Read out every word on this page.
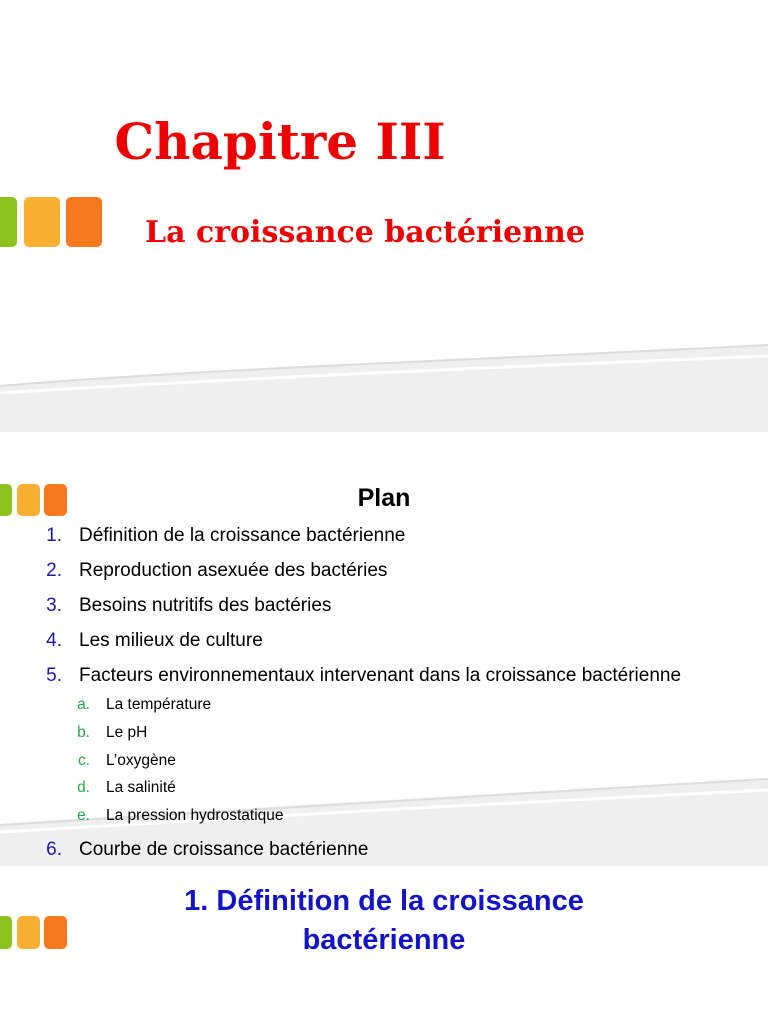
Chapitre III
La croissance bactérienne
Plan
1. Définition de la croissance bactérienne
2. Reproduction asexuée des bactéries
3. Besoins nutritifs des bactéries
4. Les milieux de culture
5. Facteurs environnementaux intervenant dans la croissance bactérienne
a. La température
b. Le pH
c. L’oxygène
d. La salinité
e. La pression hydrostatique
6. Courbe de croissance bactérienne
1. Définition de la croissance
bactérienne
